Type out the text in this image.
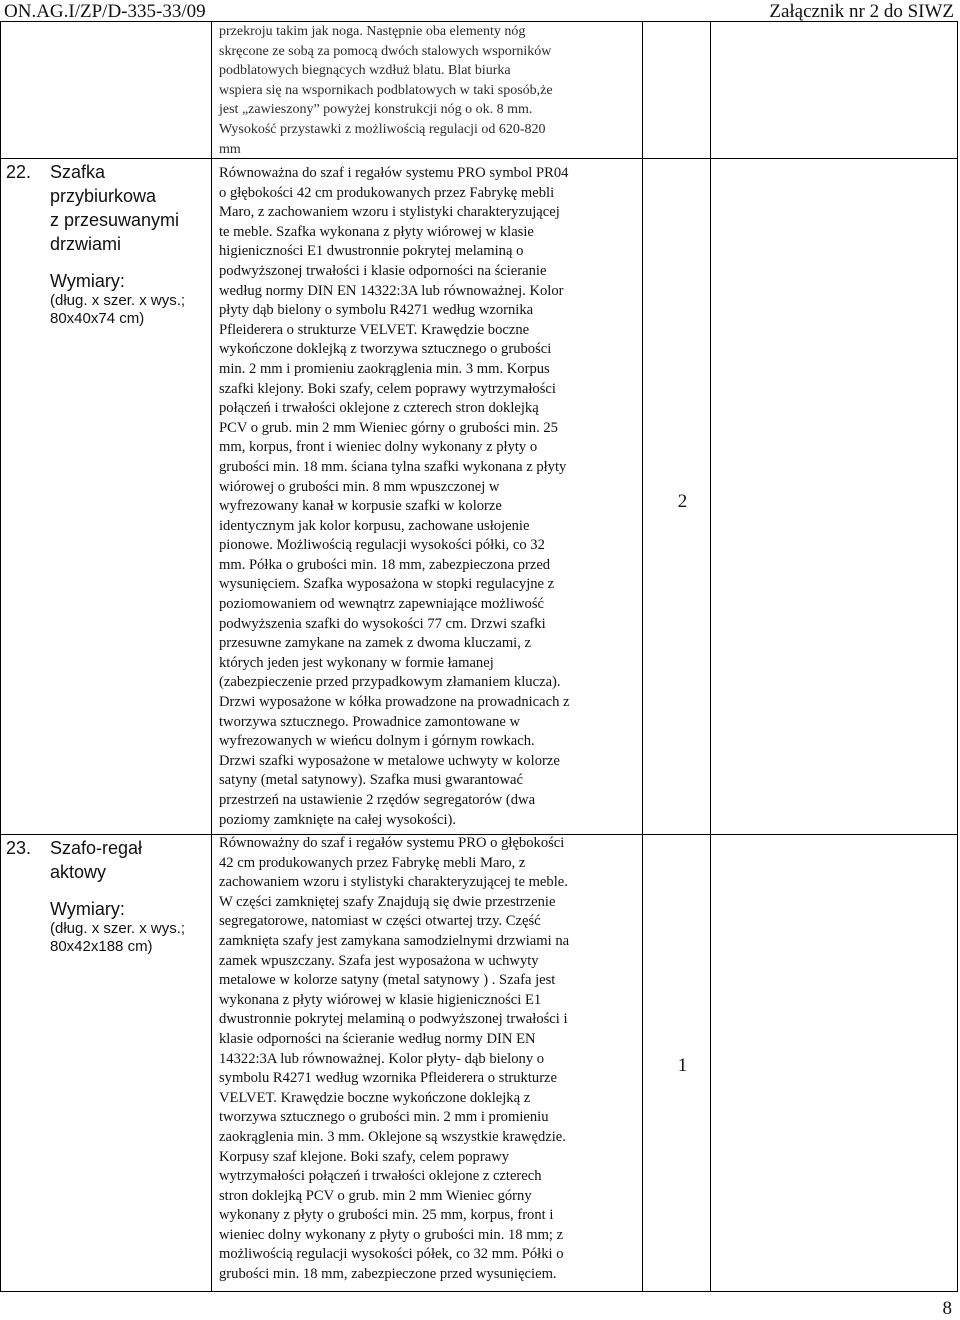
ON.AG.I/ZP/D-335-33/09	Załącznik nr 2 do SIWZ
przekroju takim jak noga. Następnie oba elementy nóg
skręcone ze sobą za pomocą dwóch stalowych wsporników
podblatowych biegnących wzdłuż blatu. Blat biurka
wspiera się na wspornikach podblatowych w taki sposób,że
jest „zawieszony” powyżej konstrukcji nóg o ok. 8 mm.
Wysokość przystawki z możliwością regulacji od 620-820
mm
22. Szafka
przybiurkowa
z przesuwanymi
drzwiami
Wymiary:
(dług. x szer. x wys.;
80x40x74 cm)
Równoważna do szaf i regałów systemu PRO symbol PR04
o głębokości 42 cm produkowanych przez Fabrykę mebli
Maro, z zachowaniem wzoru i stylistyki charakteryzującej
te meble. Szafka wykonana z płyty wiórowej w klasie
higieniczności E1 dwustronnie pokrytej melaminą o
podwyższonej trwałości i klasie odporności na ścieranie
według normy DIN EN 14322:3A lub równoważnej. Kolor
płyty dąb bielony o symbolu R4271 według wzornika
Pfleiderera o strukturze VELVET. Krawędzie boczne
wykończone doklejką z tworzywa sztucznego o grubości
min. 2 mm i promieniu zaokrąglenia min. 3 mm. Korpus
szafki klejony. Boki szafy, celem poprawy wytrzymałości
połączeń i trwałości oklejone z czterech stron doklejką
PCV o grub. min 2 mm Wieniec górny o grubości min. 25
mm, korpus, front i wieniec dolny wykonany z płyty o
grubości min. 18 mm. ściana tylna szafki wykonana z płyty
wiórowej o grubości min. 8 mm wpuszczonej w
wyfrezowany kanał w korpusie szafki w kolorze
identycznym jak kolor korpusu, zachowane usłojenie
pionowe. Możliwością regulacji wysokości półki, co 32
mm. Półka o grubości min. 18 mm, zabezpieczona przed
wysunięciem. Szafka wyposażona w stopki regulacyjne z
poziomowaniem od wewnątrz zapewniające możliwość
podwyższenia szafki do wysokości 77 cm. Drzwi szafki
przesuwne zamykane na zamek z dwoma kluczami, z
których jeden jest wykonany w formie łamanej
(zabezpieczenie przed przypadkowym złamaniem klucza).
Drzwi wyposażone w kółka prowadzone na prowadnicach z
tworzywa sztucznego. Prowadnice zamontowane w
wyfrezowanych w wieńcu dolnym i górnym rowkach.
Drzwi szafki wyposażone w metalowe uchwyty w kolorze
satyny (metal satynowy). Szafka musi gwarantować
przestrzeń na ustawienie 2 rzędów segregatorów (dwa
poziomy zamknięte na całej wysokości).
2
23. Szafo-regał
aktowy
Wymiary:
(dług. x szer. x wys.;
80x42x188 cm)
Równoważny do szaf i regałów systemu PRO o głębokości
42 cm produkowanych przez Fabrykę mebli Maro, z
zachowaniem wzoru i stylistyki charakteryzującej te meble.
W części zamkniętej szafy Znajdują się dwie przestrzenie
segregatorowe, natomiast w części otwartej trzy. Część
zamknięta szafy jest zamykana samodzielnymi drzwiami na
zamek wpuszczany. Szafa jest wyposażona w uchwyty
metalowe w kolorze satyny (metal satynowy ) . Szafa jest
wykonana z płyty wiórowej w klasie higieniczności E1
dwustronnie pokrytej melaminą o podwyższonej trwałości i
klasie odporności na ścieranie według normy DIN EN
14322:3A lub równoważnej. Kolor płyty- dąb bielony o
symbolu R4271 według wzornika Pfleiderera o strukturze
VELVET. Krawędzie boczne wykończone doklejką z
tworzywa sztucznego o grubości min. 2 mm i promieniu
zaokrąglenia min. 3 mm. Oklejone są wszystkie krawędzie.
Korpusy szaf klejone. Boki szafy, celem poprawy
wytrzymałości połączeń i trwałości oklejone z czterech
stron doklejką PCV o grub. min 2 mm Wieniec górny
wykonany z płyty o grubości min. 25 mm, korpus, front i
wieniec dolny wykonany z płyty o grubości min. 18 mm; z
możliwością regulacji wysokości półek, co 32 mm. Półki o
grubości min. 18 mm, zabezpieczone przed wysunięciem.
1
8
